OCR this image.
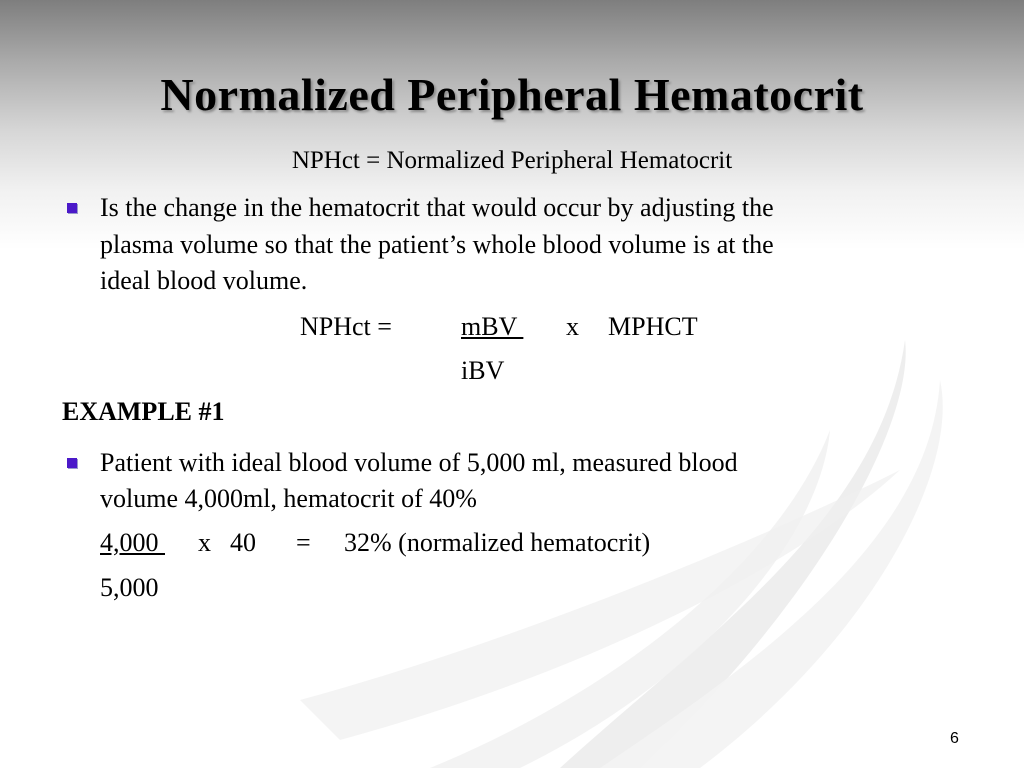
Normalized Peripheral Hematocrit
NPHct = Normalized Peripheral Hematocrit
Is the change in the hematocrit that would occur by adjusting the
plasma volume so that the patient’s whole blood volume is at the
ideal blood volume.
NPHct =	mBV x MPHCT
iBV
EXAMPLE #1
Patient with ideal blood volume of 5,000 ml, measured blood
volume 4,000ml, hematocrit of 40%
4,000 x 40 = 32% (normalized hematocrit)
5,000
6
